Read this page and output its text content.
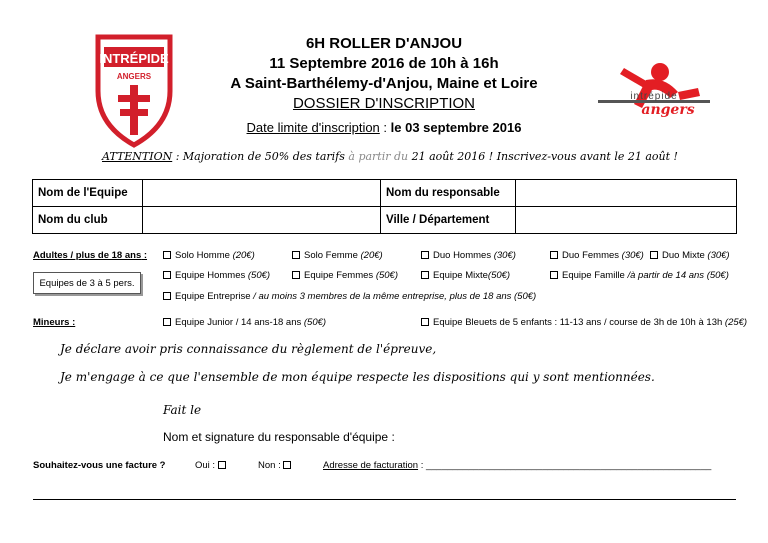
INTRÉPIDE
ANGERS
intrépide
angers
6H ROLLER D'ANJOU
11 Septembre 2016 de 10h à 16h
A Saint-Barthélemy-d'Anjou, Maine et Loire
DOSSIER D'INSCRIPTION
Date limite d'inscription : le 03 septembre 2016
ATTENTION : Majoration de 50% des tarifs à partir du 21 août 2016 ! Inscrivez-vous avant le 21 août !
Nom de l'Equipe		Nom du responsable	
Nom du club		Ville / Département	
Adultes / plus de 18 ans :	Solo Homme (20€)	Solo Femme (20€)	Duo Hommes (30€)	Duo Femmes (30€)	Duo Mixte (30€)
Equipes de 3 à 5 pers.
Equipe Hommes (50€)	Equipe Femmes (50€)	Equipe Mixte(50€)	Equipe Famille /à partir de 14 ans (50€)
Equipe Entreprise / au moins 3 membres de la même entreprise, plus de 18 ans (50€)
Mineurs :	Equipe Junior / 14 ans-18 ans (50€)	Equipe Bleuets de 5 enfants : 11-13 ans / course de 3h de 10h à 13h (25€)
Je déclare avoir pris connaissance du règlement de l'épreuve,
Je m'engage à ce que l'ensemble de mon équipe respecte les dispositions qui y sont mentionnées.
Fait le
Nom et signature du responsable d'équipe :
Souhaitez-vous une facture ?	Oui :	Non :	Adresse de facturation : ______________________________________________________
